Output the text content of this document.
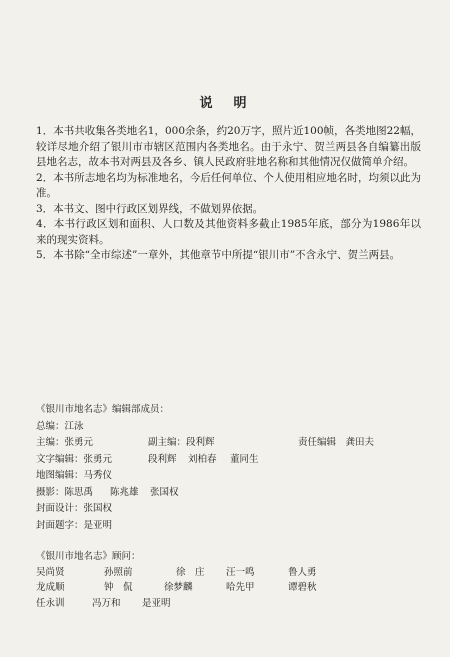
说　明

1．本书共收集各类地名1，000余条，约20万字，照片近100帧，各类地图22幅，较详尽地介绍了银川市市辖区范围内各类地名。由于永宁、贺兰两县各自编纂出版县地名志，故本书对两县及各乡、镇人民政府驻地名称和其他情况仅做简单介绍。

2．本书所志地名均为标准地名，今后任何单位、个人使用相应地名时，均须以此为准。

3．本书文、图中行政区划界线，不做划界依据。

4．本书行政区划和面积、人口数及其他资料多截止1985年底，部分为1986年以来的现实资料。

5．本书除“全市综述”一章外，其他章节中所提“银川市”不含永宁、贺兰两县。

《银川市地名志》编辑部成员：
总编：江泳
主编：张勇元	副主编：段利辉	责任编辑　龚田夫
文字编辑：张勇元	段利辉 刘柏春 董同生
地图编辑：马秀仪
摄影：陈思禹 陈兆雄 张国权
封面设计：张国权
封面题字：是亚明
《银川市地名志》顾问：
吴尚贤	孙照前	徐　庄 汪一鸣	鲁人勇
龙成顺	钟　侃	徐梦麟	哈先甲	谭碧秋
任永训	冯万和 是亚明
